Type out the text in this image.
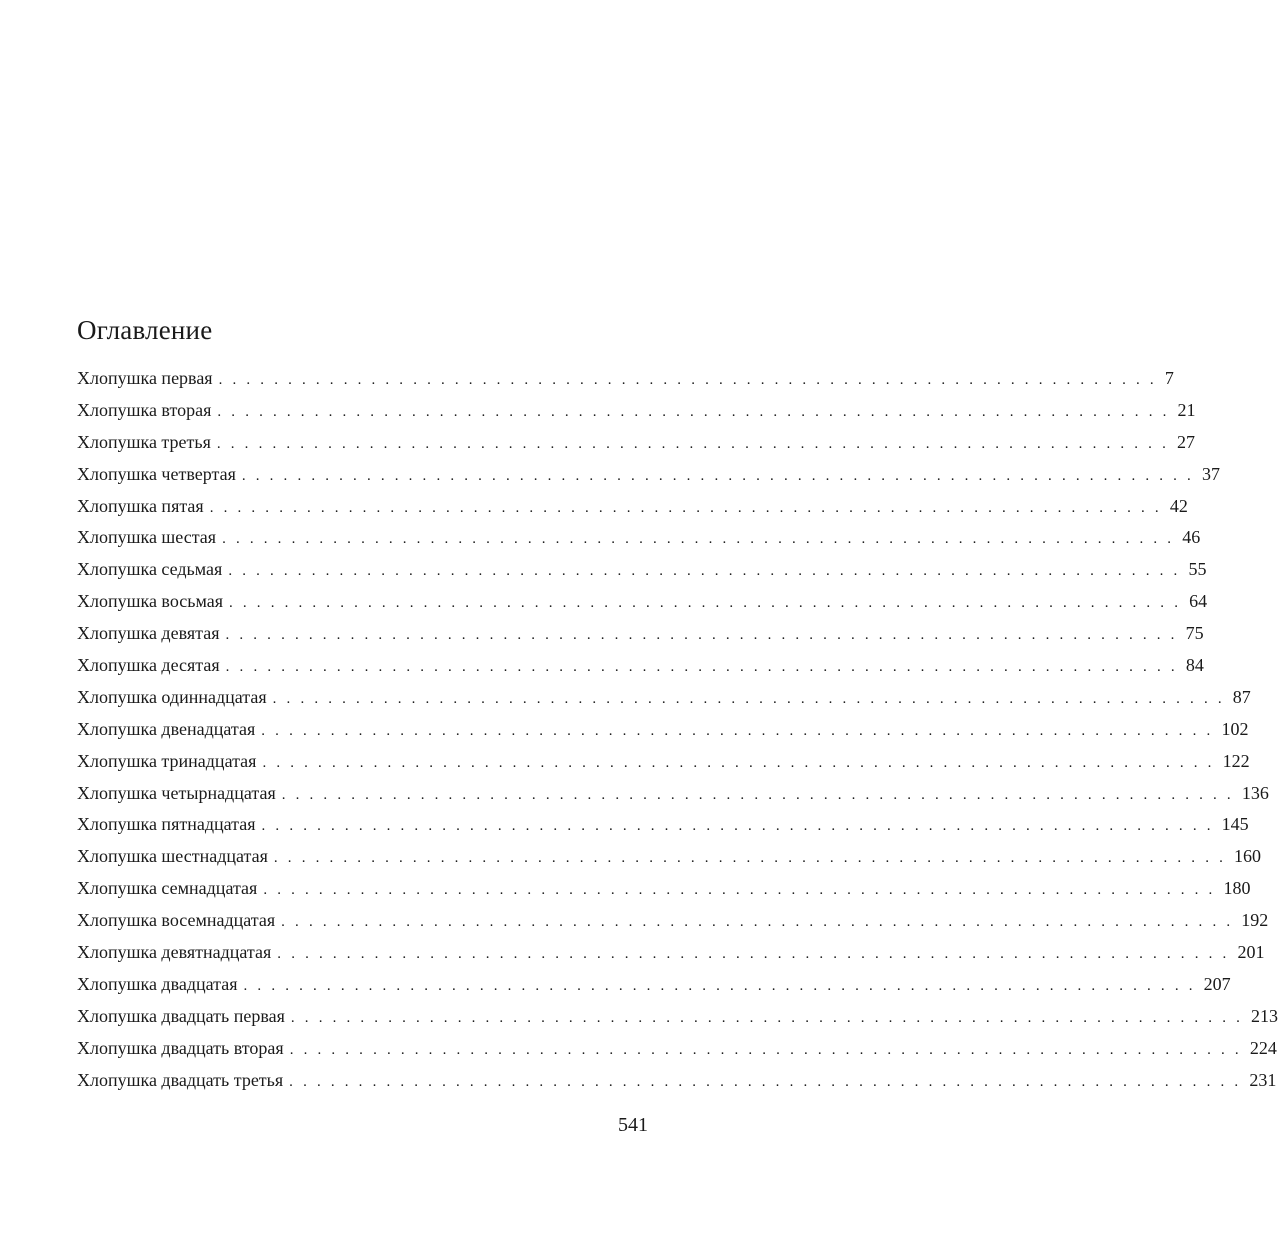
Оглавление
Хлопушка первая . . . . . . . . . . . . . . . . . . . . . . . . . . . . . . . . . . . . . . . . . . . . . . . . . . . . . . . . . . . . . . . . . . . . 7
Хлопушка вторая . . . . . . . . . . . . . . . . . . . . . . . . . . . . . . . . . . . . . . . . . . . . . . . . . . . . . . . . . . . . . . . . . . . . . 21
Хлопушка третья . . . . . . . . . . . . . . . . . . . . . . . . . . . . . . . . . . . . . . . . . . . . . . . . . . . . . . . . . . . . . . . . . . . . . 27
Хлопушка четвертая . . . . . . . . . . . . . . . . . . . . . . . . . . . . . . . . . . . . . . . . . . . . . . . . . . . . . . . . . . . . . . . . . . . . . 37
Хлопушка пятая . . . . . . . . . . . . . . . . . . . . . . . . . . . . . . . . . . . . . . . . . . . . . . . . . . . . . . . . . . . . . . . . . . . . . 42
Хлопушка шестая . . . . . . . . . . . . . . . . . . . . . . . . . . . . . . . . . . . . . . . . . . . . . . . . . . . . . . . . . . . . . . . . . . . . . 46
Хлопушка седьмая . . . . . . . . . . . . . . . . . . . . . . . . . . . . . . . . . . . . . . . . . . . . . . . . . . . . . . . . . . . . . . . . . . . . . 55
Хлопушка восьмая . . . . . . . . . . . . . . . . . . . . . . . . . . . . . . . . . . . . . . . . . . . . . . . . . . . . . . . . . . . . . . . . . . . . . 64
Хлопушка девятая . . . . . . . . . . . . . . . . . . . . . . . . . . . . . . . . . . . . . . . . . . . . . . . . . . . . . . . . . . . . . . . . . . . . . 75
Хлопушка десятая . . . . . . . . . . . . . . . . . . . . . . . . . . . . . . . . . . . . . . . . . . . . . . . . . . . . . . . . . . . . . . . . . . . . . 84
Хлопушка одиннадцатая . . . . . . . . . . . . . . . . . . . . . . . . . . . . . . . . . . . . . . . . . . . . . . . . . . . . . . . . . . . . . . . . . . . . . 87
Хлопушка двенадцатая . . . . . . . . . . . . . . . . . . . . . . . . . . . . . . . . . . . . . . . . . . . . . . . . . . . . . . . . . . . . . . . . . . . . . 102
Хлопушка тринадцатая . . . . . . . . . . . . . . . . . . . . . . . . . . . . . . . . . . . . . . . . . . . . . . . . . . . . . . . . . . . . . . . . . . . . . 122
Хлопушка четырнадцатая . . . . . . . . . . . . . . . . . . . . . . . . . . . . . . . . . . . . . . . . . . . . . . . . . . . . . . . . . . . . . . . . . . . . . 136
Хлопушка пятнадцатая . . . . . . . . . . . . . . . . . . . . . . . . . . . . . . . . . . . . . . . . . . . . . . . . . . . . . . . . . . . . . . . . . . . . . 145
Хлопушка шестнадцатая . . . . . . . . . . . . . . . . . . . . . . . . . . . . . . . . . . . . . . . . . . . . . . . . . . . . . . . . . . . . . . . . . . . . . 160
Хлопушка семнадцатая . . . . . . . . . . . . . . . . . . . . . . . . . . . . . . . . . . . . . . . . . . . . . . . . . . . . . . . . . . . . . . . . . . . . . 180
Хлопушка восемнадцатая . . . . . . . . . . . . . . . . . . . . . . . . . . . . . . . . . . . . . . . . . . . . . . . . . . . . . . . . . . . . . . . . . . . . . 192
Хлопушка девятнадцатая . . . . . . . . . . . . . . . . . . . . . . . . . . . . . . . . . . . . . . . . . . . . . . . . . . . . . . . . . . . . . . . . . . . . . 201
Хлопушка двадцатая . . . . . . . . . . . . . . . . . . . . . . . . . . . . . . . . . . . . . . . . . . . . . . . . . . . . . . . . . . . . . . . . . . . . . 207
Хлопушка двадцать первая . . . . . . . . . . . . . . . . . . . . . . . . . . . . . . . . . . . . . . . . . . . . . . . . . . . . . . . . . . . . . . . . . . . . . 213
Хлопушка двадцать вторая . . . . . . . . . . . . . . . . . . . . . . . . . . . . . . . . . . . . . . . . . . . . . . . . . . . . . . . . . . . . . . . . . . . . . 224
Хлопушка двадцать третья . . . . . . . . . . . . . . . . . . . . . . . . . . . . . . . . . . . . . . . . . . . . . . . . . . . . . . . . . . . . . . . . . . . . . 231
541
